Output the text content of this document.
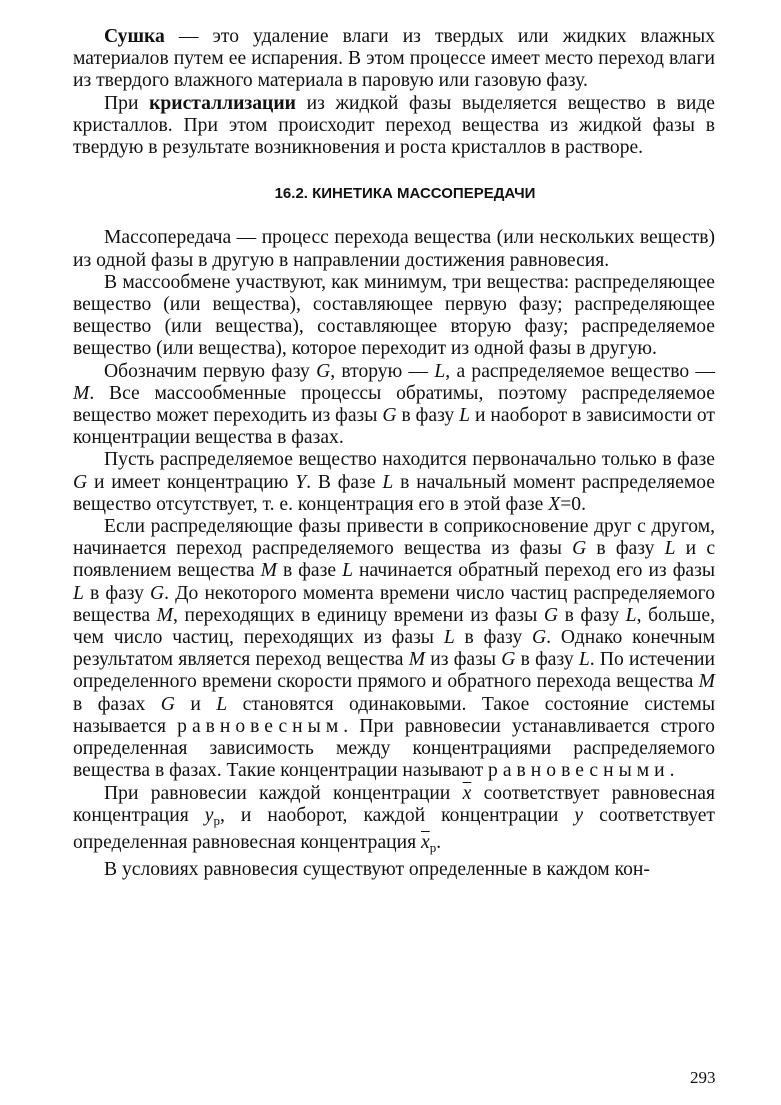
Сушка — это удаление влаги из твердых или жидких влажных материалов путем ее испарения. В этом процессе имеет место переход влаги из твердого влажного материала в паровую или газовую фазу.

При кристаллизации из жидкой фазы выделяется вещество в виде кристаллов. При этом происходит переход вещества из жидкой фазы в твердую в результате возникновения и роста кристаллов в растворе.

16.2. КИНЕТИКА МАССОПЕРЕДАЧИ

Массопередача — процесс перехода вещества (или нескольких веществ) из одной фазы в другую в направлении достижения равновесия.

В массообмене участвуют, как минимум, три вещества: распределяющее вещество (или вещества), составляющее первую фазу; распределяющее вещество (или вещества), составляющее вторую фазу; распределяемое вещество (или вещества), которое переходит из одной фазы в другую.

Обозначим первую фазу G, вторую — L, а распределяемое вещество — M. Все массообменные процессы обратимы, поэтому распределяемое вещество может переходить из фазы G в фазу L и наоборот в зависимости от концентрации вещества в фазах.

Пусть распределяемое вещество находится первоначально только в фазе G и имеет концентрацию Y. В фазе L в начальный момент распределяемое вещество отсутствует, т. е. концентрация его в этой фазе X=0.

Если распределяющие фазы привести в соприкосновение друг с другом, начинается переход распределяемого вещества из фазы G в фазу L и с появлением вещества M в фазе L начинается обратный переход его из фазы L в фазу G. До некоторого момента времени число частиц распределяемого вещества M, переходящих в единицу времени из фазы G в фазу L, больше, чем число частиц, переходящих из фазы L в фазу G. Однако конечным результатом является переход вещества M из фазы G в фазу L. По истечении определенного времени скорости прямого и обратного перехода вещества M в фазах G и L становятся одинаковыми. Такое состояние системы называется равновесным. При равновесии устанавливается строго определенная зависимость между концентрациями распределяемого вещества в фазах. Такие концентрации называют равновесными.

При равновесии каждой концентрации $\overline{x}$ соответствует равновесная концентрация $y_р$, и наоборот, каждой концентрации y соответствует определенная равновесная концентрация $\overline{x}_р$.

В условиях равновесия существуют определенные в каждом кон-

293
